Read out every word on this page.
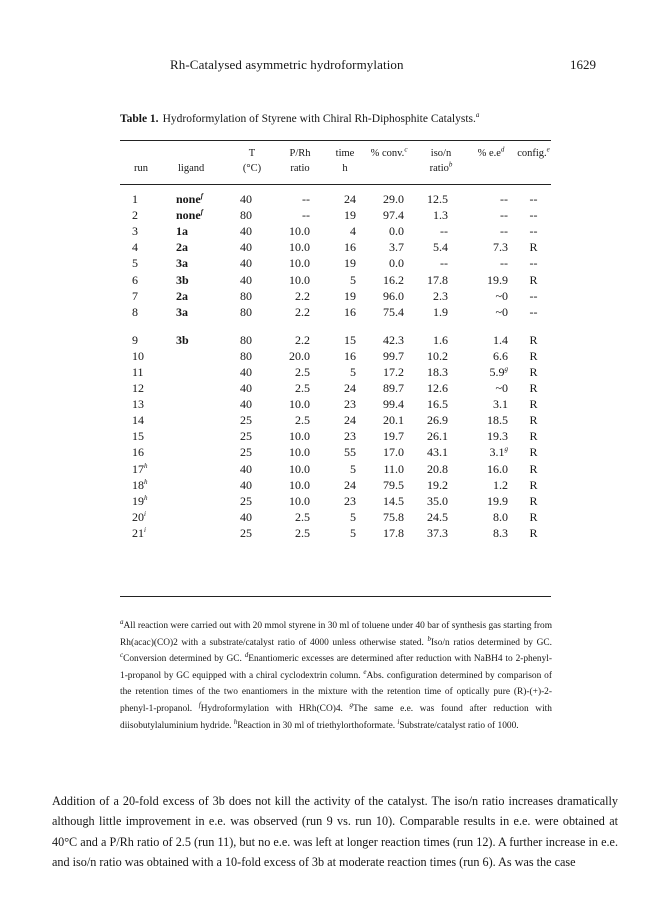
Rh-Catalysed asymmetric hydroformylation	1629
Table 1. Hydroformylation of Styrene with Chiral Rh-Diphosphite Catalysts.$^a$
		T	P/Rh	time	% conv.$^c$	iso/n	% $e.e^d$	config.$^e$
run	ligand	(°C)	ratio	h		ratio$^b$		
1	none$^f$	40	--	24	29.0	12.5	--	--
2	none$^f$	80	--	19	97.4	1.3	--	--
3	1a	40	10.0	4	0.0	--	--	--
4	2a	40	10.0	16	3.7	5.4	7.3	R
5	3a	40	10.0	19	0.0	--	--	--
6	3b	40	10.0	5	16.2	17.8	19.9	R
7	2a	80	2.2	19	96.0	2.3	~0	--
8	3a	80	2.2	16	75.4	1.9	~0	--
9	3b	80	2.2	15	42.3	1.6	1.4	R
10		80	20.0	16	99.7	10.2	6.6	R
11		40	2.5	5	17.2	18.3	5.9$^g$	R
12		40	2.5	24	89.7	12.6	~0	R
13		40	10.0	23	99.4	16.5	3.1	R
14		25	2.5	24	20.1	26.9	18.5	R
15		25	10.0	23	19.7	26.1	19.3	R
16		25	10.0	55	17.0	43.1	3.1$^g$	R
17$^h$		40	10.0	5	11.0	20.8	16.0	R
18$^h$		40	10.0	24	79.5	19.2	1.2	R
19$^h$		25	10.0	23	14.5	35.0	19.9	R
20$^i$		40	2.5	5	75.8	24.5	8.0	R
21$^i$		25	2.5	5	17.8	37.3	8.3	R

$^a$All reaction were carried out with 20 mmol styrene in 30 ml of toluene under 40 bar of synthesis gas starting from Rh(acac)(CO)2 with a substrate/catalyst ratio of 4000 unless otherwise stated. $^b$Iso/n ratios determined by GC. $^c$Conversion determined by GC. $^d$Enantiomeric excesses are determined after reduction with NaBH4 to 2-phenyl-1-propanol by GC equipped with a chiral cyclodextrin column. $^e$Abs. configuration determined by comparison of the retention times of the two enantiomers in the mixture with the retention time of optically pure (R)-(+)-2-phenyl-1-propanol. $^f$Hydroformylation with HRh(CO)4. $^g$The same e.e. was found after reduction with diisobutylaluminium hydride. $^h$Reaction in 30 ml of triethylorthoformate. $^i$Substrate/catalyst ratio of 1000.

Addition of a 20-fold excess of 3b does not kill the activity of the catalyst. The iso/n ratio increases dramatically although little improvement in e.e. was observed (run 9 vs. run 10). Comparable results in e.e. were obtained at 40°C and a P/Rh ratio of 2.5 (run 11), but no e.e. was left at longer reaction times (run 12). A further increase in e.e. and iso/n ratio was obtained with a 10-fold excess of 3b at moderate reaction times (run 6). As was the case
